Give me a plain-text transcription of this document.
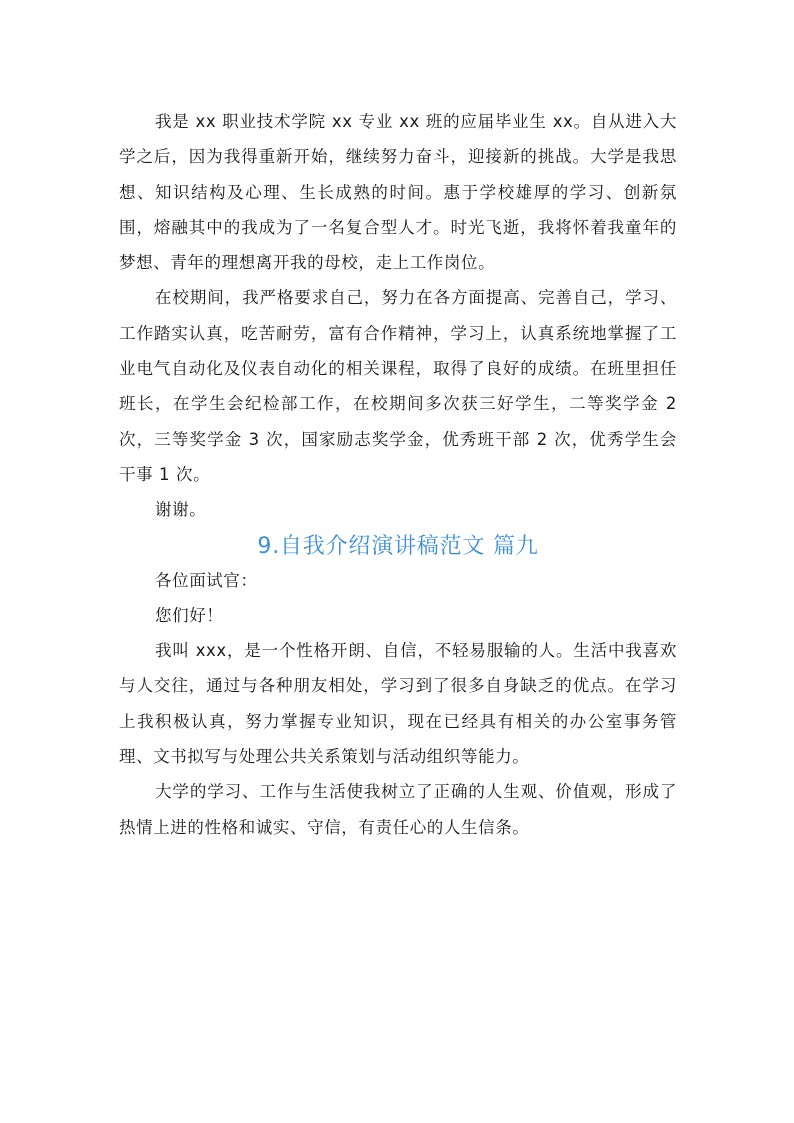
我是 xx 职业技术学院 xx 专业 xx 班的应届毕业生 xx。自从进入大学之后，因为我得重新开始，继续努力奋斗，迎接新的挑战。大学是我思想、知识结构及心理、生长成熟的时间。惠于学校雄厚的学习、创新氛围，熔融其中的我成为了一名复合型人才。时光飞逝，我将怀着我童年的梦想、青年的理想离开我的母校，走上工作岗位。

在校期间，我严格要求自己，努力在各方面提高、完善自己，学习、工作踏实认真，吃苦耐劳，富有合作精神，学习上，认真系统地掌握了工业电气自动化及仪表自动化的相关课程，取得了良好的成绩。在班里担任班长，在学生会纪检部工作，在校期间多次获三好学生，二等奖学金 2 次，三等奖学金 3 次，国家励志奖学金，优秀班干部 2 次，优秀学生会干事 1 次。

谢谢。

9.自我介绍演讲稿范文 篇九

各位面试官：

您们好！

我叫 xxx，是一个性格开朗、自信，不轻易服输的人。生活中我喜欢与人交往，通过与各种朋友相处，学习到了很多自身缺乏的优点。在学习上我积极认真，努力掌握专业知识，现在已经具有相关的办公室事务管理、文书拟写与处理公共关系策划与活动组织等能力。

大学的学习、工作与生活使我树立了正确的人生观、价值观，形成了热情上进的性格和诚实、守信，有责任心的人生信条。
